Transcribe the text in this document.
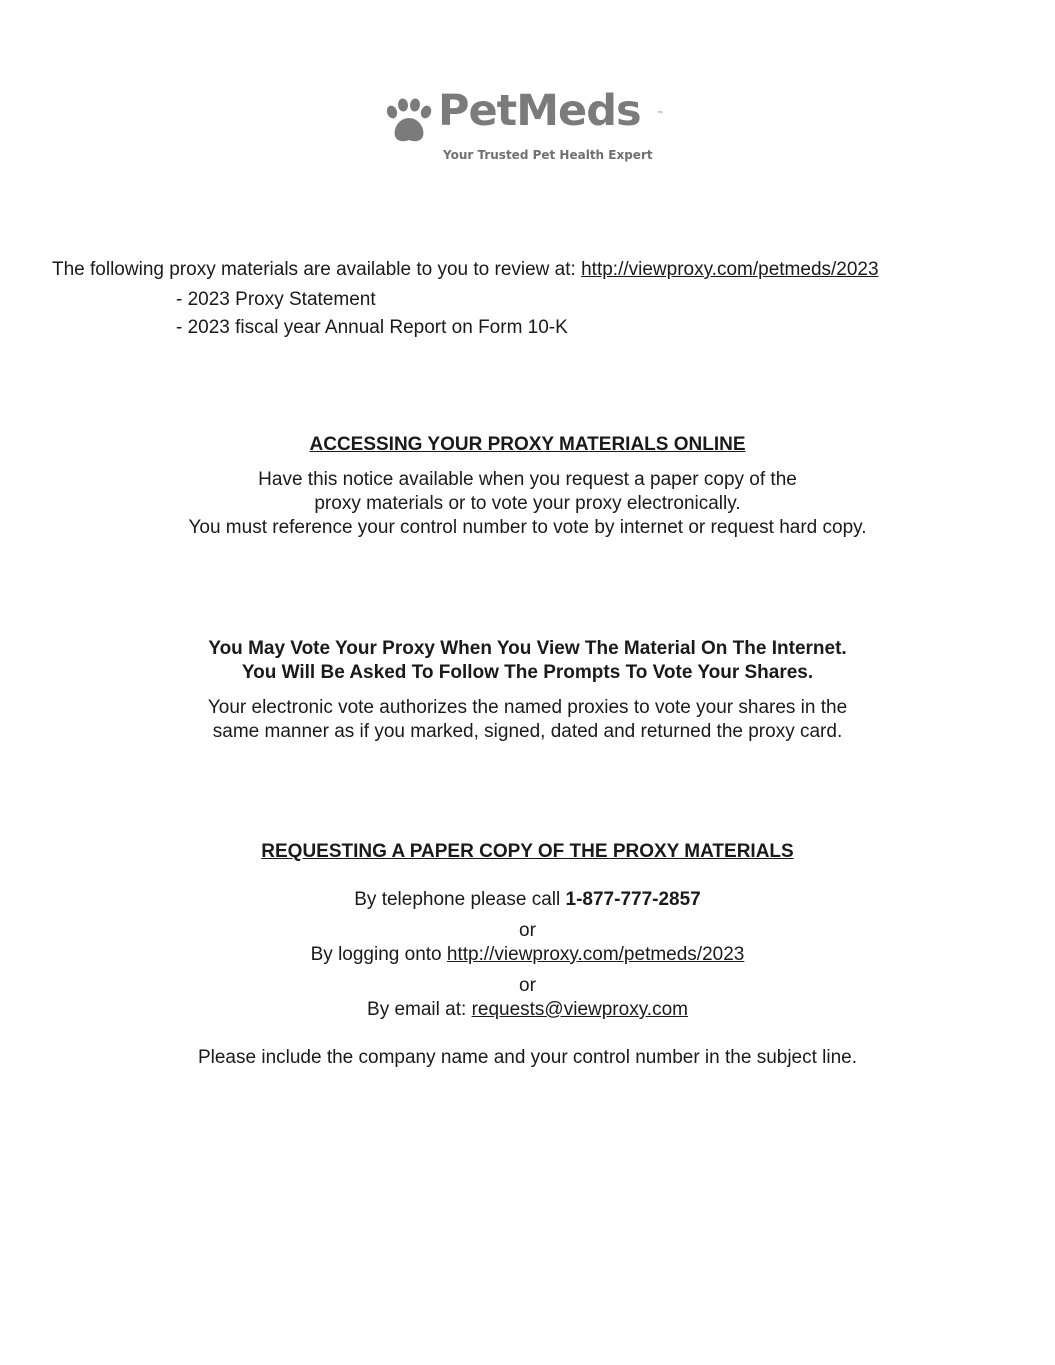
PetMeds	™
Your Trusted Pet Health Expert
The following proxy materials are available to you to review at: http://viewproxy.com/petmeds/2023
- 2023 Proxy Statement
- 2023 fiscal year Annual Report on Form 10-K
ACCESSING YOUR PROXY MATERIALS ONLINE
Have this notice available when you request a paper copy of the
proxy materials or to vote your proxy electronically.
You must reference your control number to vote by internet or request hard copy.
You May Vote Your Proxy When You View The Material On The Internet.
You Will Be Asked To Follow The Prompts To Vote Your Shares.
Your electronic vote authorizes the named proxies to vote your shares in the
same manner as if you marked, signed, dated and returned the proxy card.
REQUESTING A PAPER COPY OF THE PROXY MATERIALS
By telephone please call 1-877-777-2857
or
By logging onto http://viewproxy.com/petmeds/2023
or
By email at: requests@viewproxy.com
Please include the company name and your control number in the subject line.
